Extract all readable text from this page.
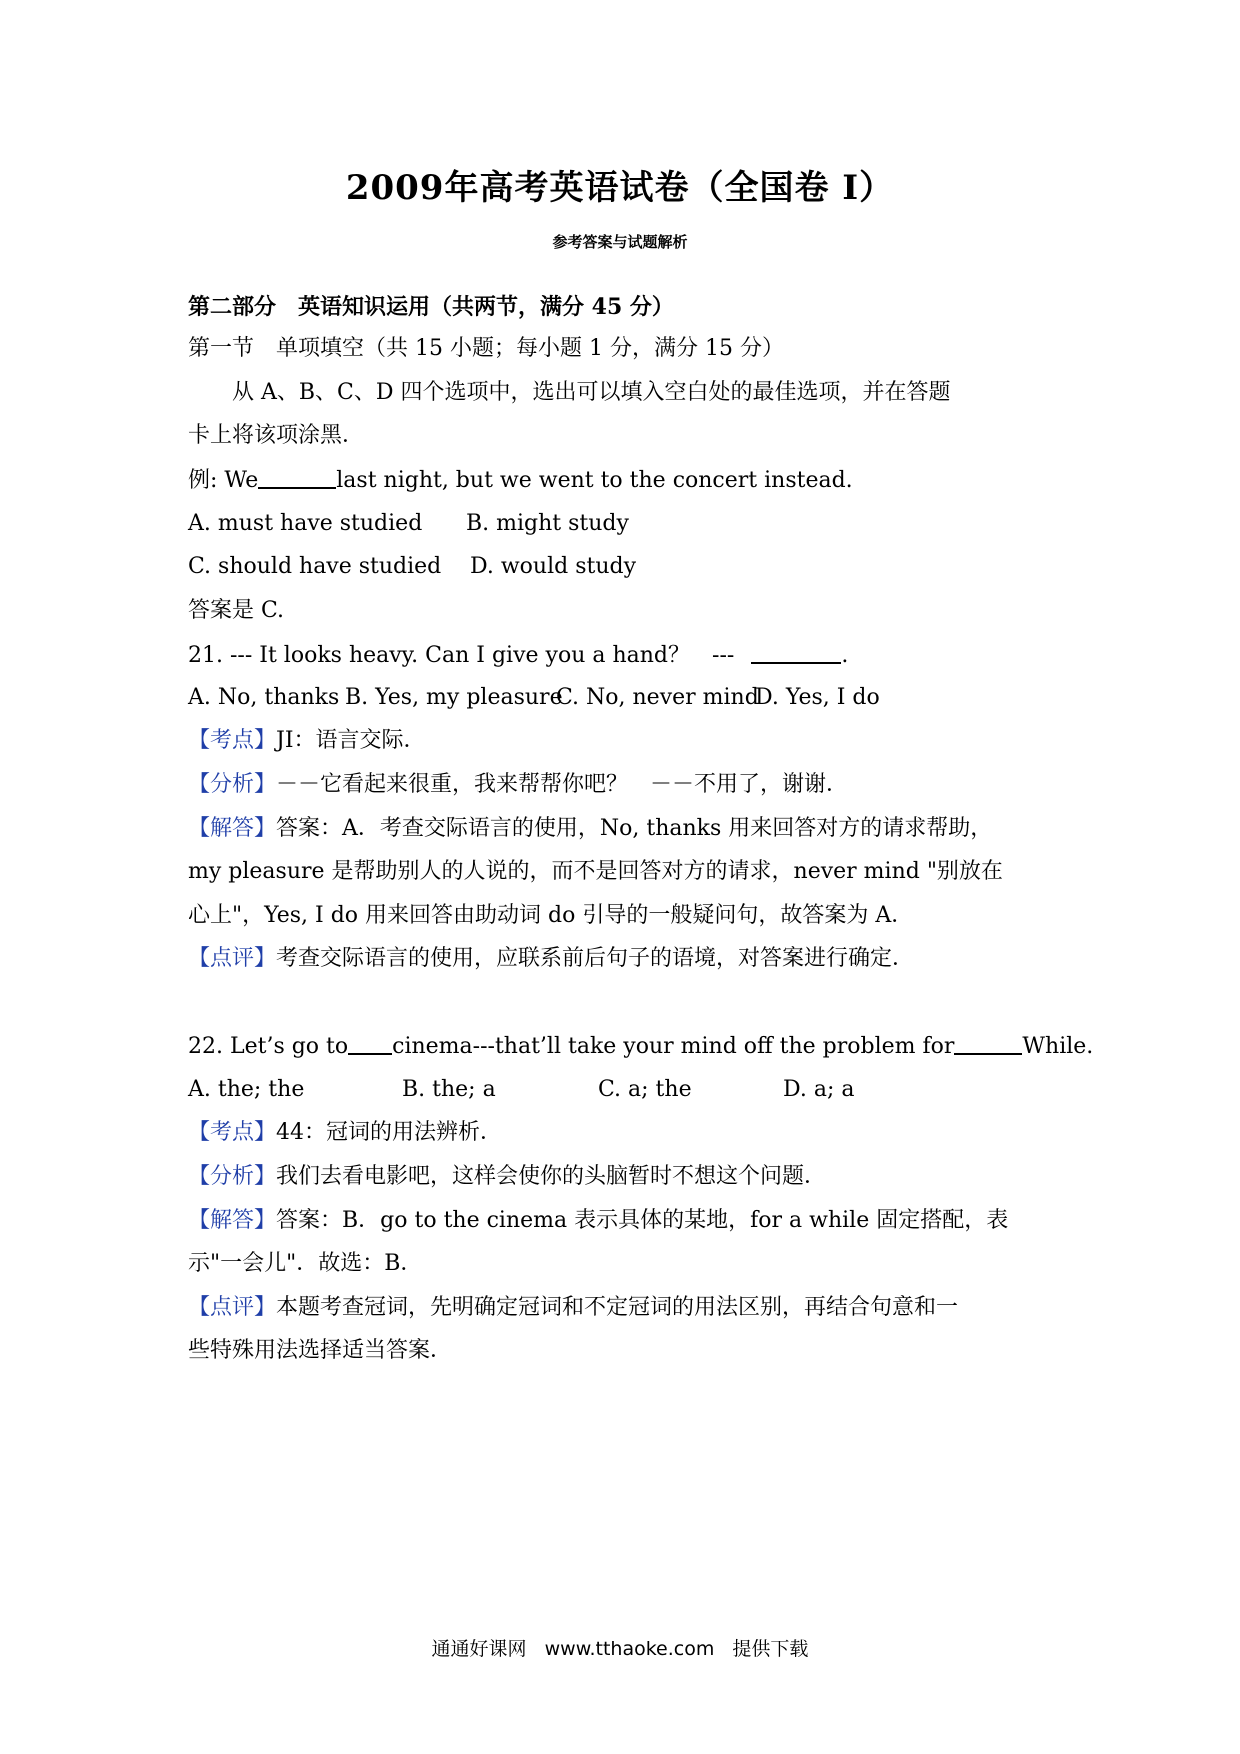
2009年高考英语试卷（全国卷 I）
参考答案与试题解析
第二部分　英语知识运用（共两节，满分 45 分）
第一节　单项填空（共 15 小题；每小题 1 分，满分 15 分）
从 A、B、C、D 四个选项中，选出可以填入空白处的最佳选项，并在答题
卡上将该项涂黑．
例: We	last night, but we went to the concert instead.
A. must have studied B. might study
C. should have studied D. would study
答案是 C.
21. --- It looks heavy. Can I give you a hand？　---	.
A. No, thanks B. Yes, my pleasure
C. No, never mind
D. Yes, I do
【考点】JI：语言交际．
【分析】－－它看起来很重，我来帮帮你吧？　－－不用了，谢谢．
【解答】答案：A．考查交际语言的使用，No, thanks 用来回答对方的请求帮助，
my pleasure 是帮助别人的人说的，而不是回答对方的请求，never mind "别放在
心上"，Yes, I do 用来回答由助动词 do 引导的一般疑问句，故答案为 A．
【点评】考查交际语言的使用，应联系前后句子的语境，对答案进行确定．
22. Let’s go to cinema---that’ll take your mind off the problem for	While.
A. the; the	B. the; a	C. a; the	D. a; a
【考点】44：冠词的用法辨析．
【分析】我们去看电影吧，这样会使你的头脑暂时不想这个问题．
【解答】答案：B．go to the cinema 表示具体的某地，for a while 固定搭配，表
示"一会儿"．故选：B．
【点评】本题考查冠词，先明确定冠词和不定冠词的用法区别，再结合句意和一
些特殊用法选择适当答案．
通通好课网 www.tthaoke.com 提供下载
